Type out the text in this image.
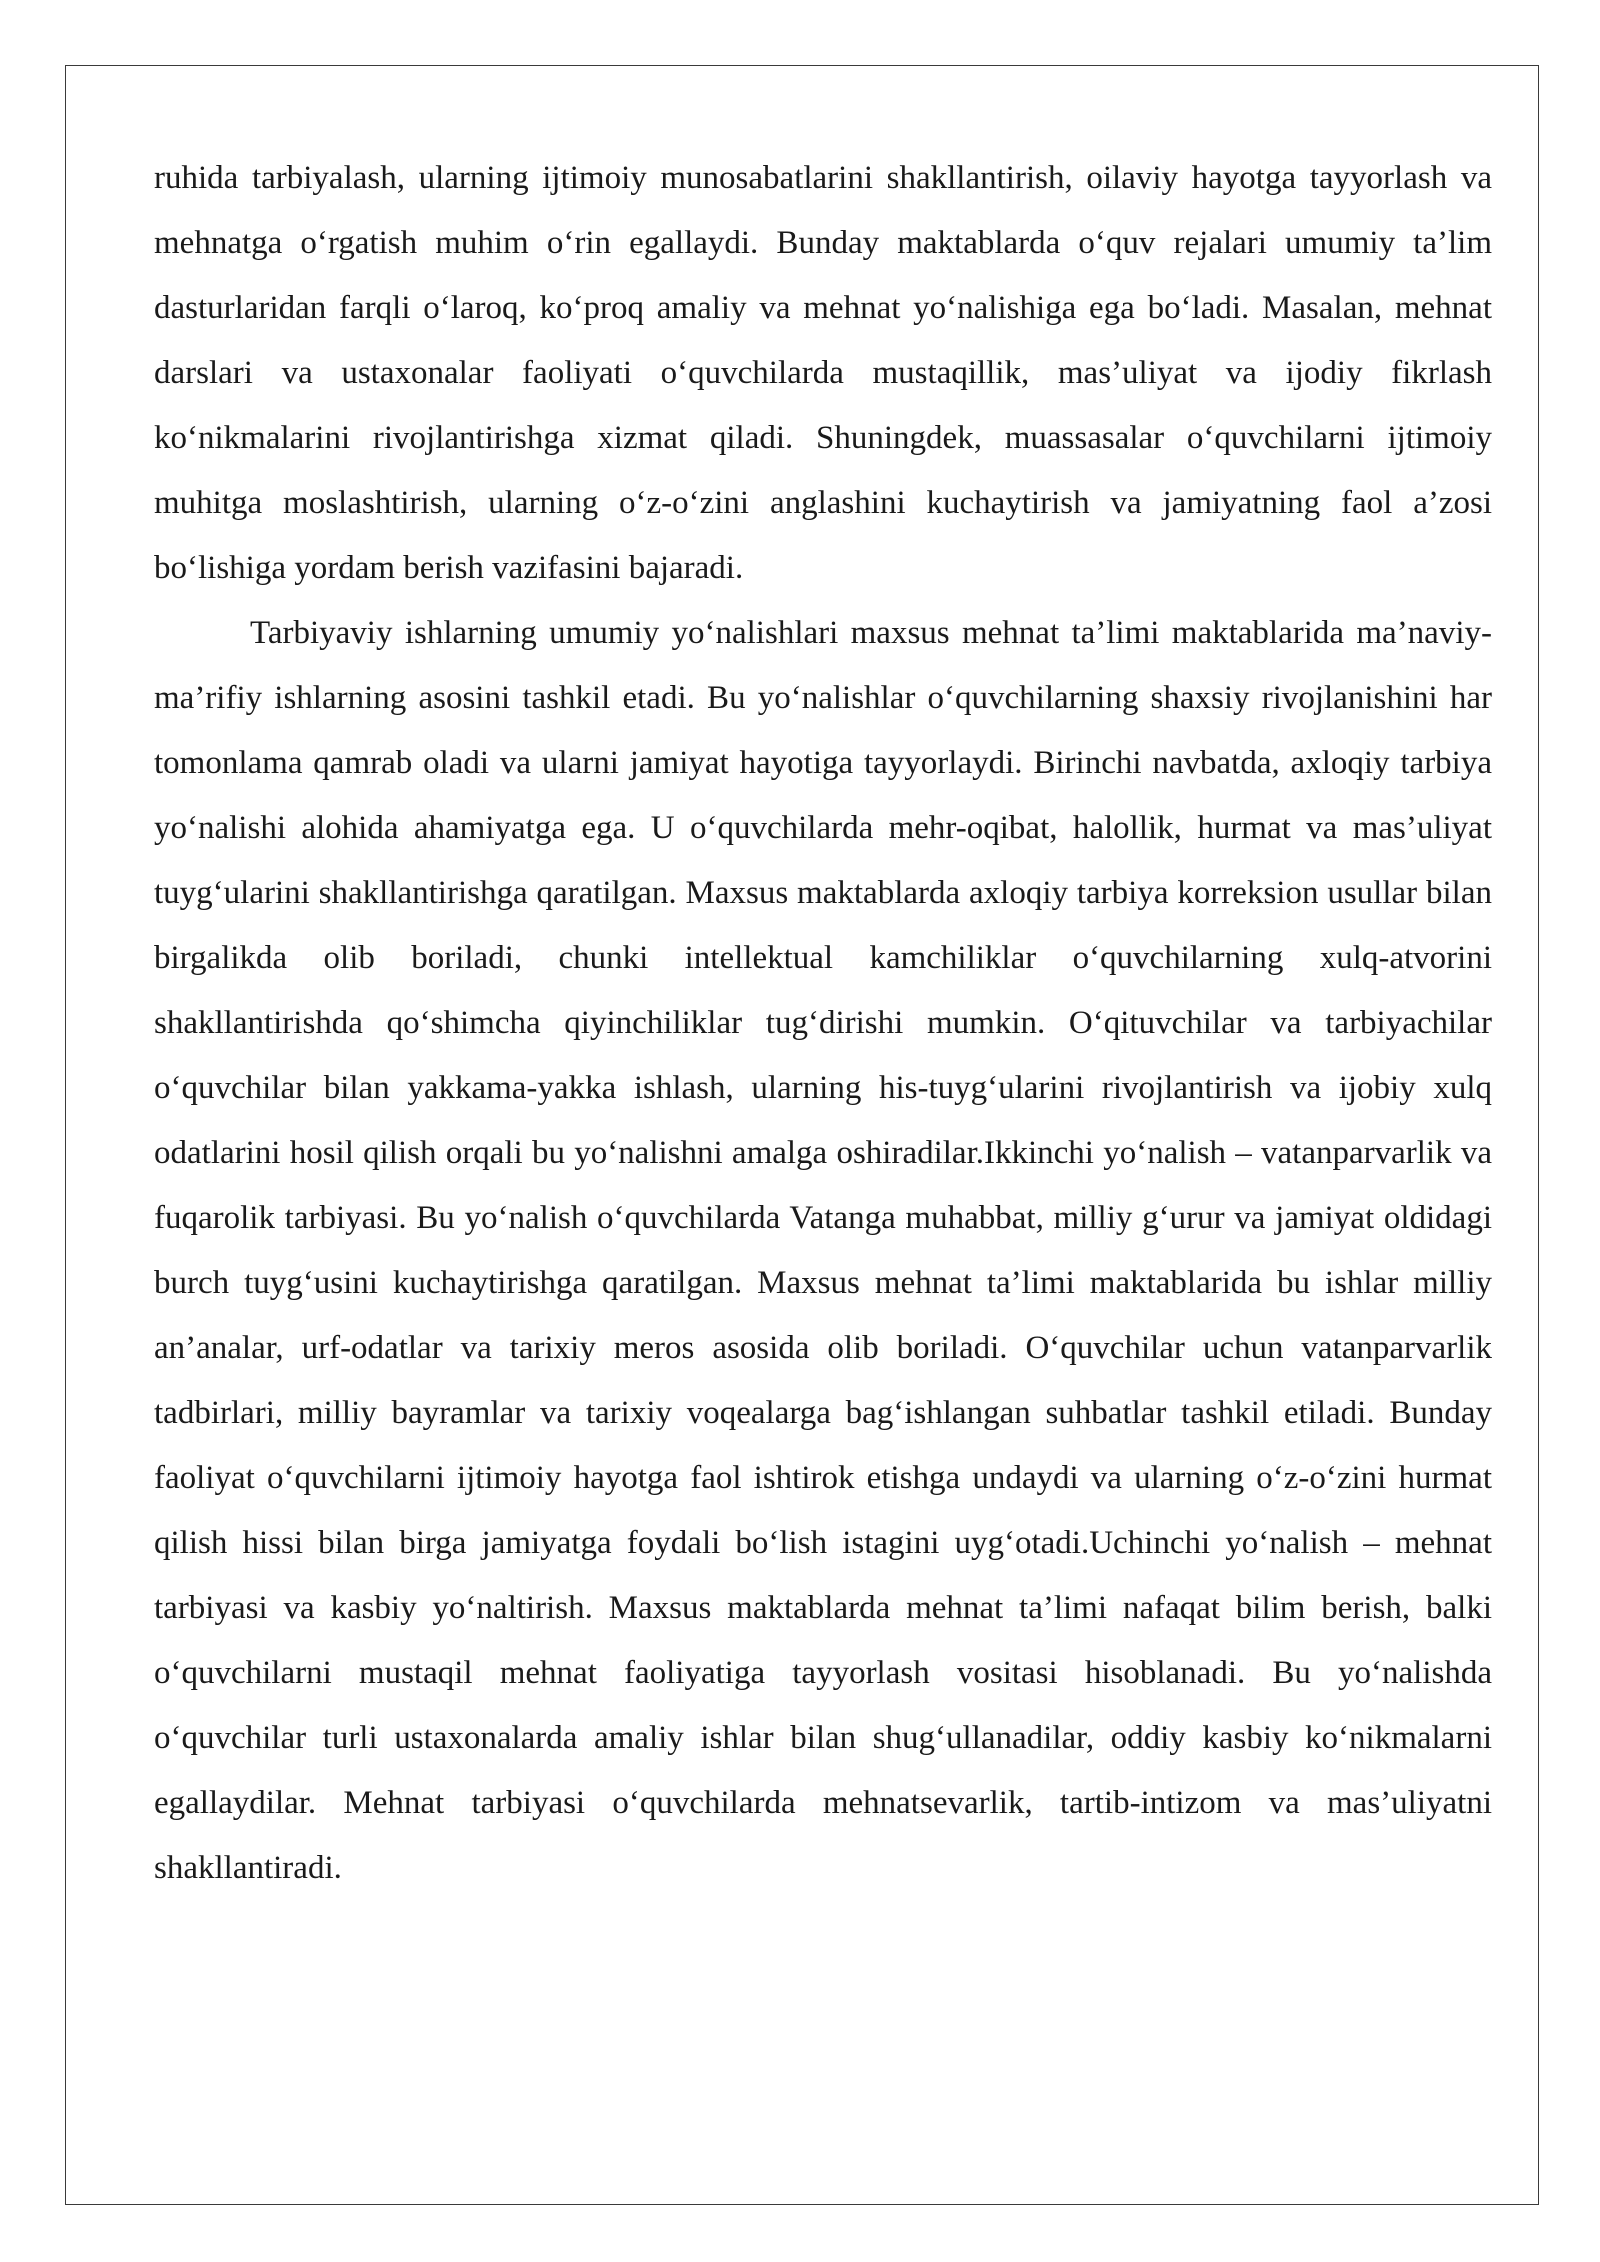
ruhida tarbiyalash, ularning ijtimoiy munosabatlarini shakllantirish, oilaviy hayotga tayyorlash va mehnatga o‘rgatish muhim o‘rin egallaydi. Bunday maktablarda o‘quv rejalari umumiy ta’lim dasturlaridan farqli o‘laroq, ko‘proq amaliy va mehnat yo‘nalishiga ega bo‘ladi. Masalan, mehnat darslari va ustaxonalar faoliyati o‘quvchilarda mustaqillik, mas’uliyat va ijodiy fikrlash ko‘nikmalarini rivojlantirishga xizmat qiladi. Shuningdek, muassasalar o‘quvchilarni ijtimoiy muhitga moslashtirish, ularning o‘z-o‘zini anglashini kuchaytirish va jamiyatning faol a’zosi bo‘lishiga yordam berish vazifasini bajaradi.

Tarbiyaviy ishlarning umumiy yo‘nalishlari maxsus mehnat ta’limi maktablarida ma’naviy-ma’rifiy ishlarning asosini tashkil etadi. Bu yo‘nalishlar o‘quvchilarning shaxsiy rivojlanishini har tomonlama qamrab oladi va ularni jamiyat hayotiga tayyorlaydi. Birinchi navbatda, axloqiy tarbiya yo‘nalishi alohida ahamiyatga ega. U o‘quvchilarda mehr-oqibat, halollik, hurmat va mas’uliyat tuyg‘ularini shakllantirishga qaratilgan. Maxsus maktablarda axloqiy tarbiya korreksion usullar bilan birgalikda olib boriladi, chunki intellektual kamchiliklar o‘quvchilarning xulq-atvorini shakllantirishda qo‘shimcha qiyinchiliklar tug‘dirishi mumkin. O‘qituvchilar va tarbiyachilar o‘quvchilar bilan yakkama-yakka ishlash, ularning his-tuyg‘ularini rivojlantirish va ijobiy xulq odatlarini hosil qilish orqali bu yo‘nalishni amalga oshiradilar.Ikkinchi yo‘nalish – vatanparvarlik va fuqarolik tarbiyasi. Bu yo‘nalish o‘quvchilarda Vatanga muhabbat, milliy g‘urur va jamiyat oldidagi burch tuyg‘usini kuchaytirishga qaratilgan. Maxsus mehnat ta’limi maktablarida bu ishlar milliy an’analar, urf-odatlar va tarixiy meros asosida olib boriladi. O‘quvchilar uchun vatanparvarlik tadbirlari, milliy bayramlar va tarixiy voqealarga bag‘ishlangan suhbatlar tashkil etiladi. Bunday faoliyat o‘quvchilarni ijtimoiy hayotga faol ishtirok etishga undaydi va ularning o‘z-o‘zini hurmat qilish hissi bilan birga jamiyatga foydali bo‘lish istagini uyg‘otadi.Uchinchi yo‘nalish – mehnat tarbiyasi va kasbiy yo‘naltirish. Maxsus maktablarda mehnat ta’limi nafaqat bilim berish, balki o‘quvchilarni mustaqil mehnat faoliyatiga tayyorlash vositasi hisoblanadi. Bu yo‘nalishda o‘quvchilar turli ustaxonalarda amaliy ishlar bilan shug‘ullanadilar, oddiy kasbiy ko‘nikmalarni egallaydilar. Mehnat tarbiyasi o‘quvchilarda mehnatsevarlik, tartib-intizom va mas’uliyatni shakllantiradi.
